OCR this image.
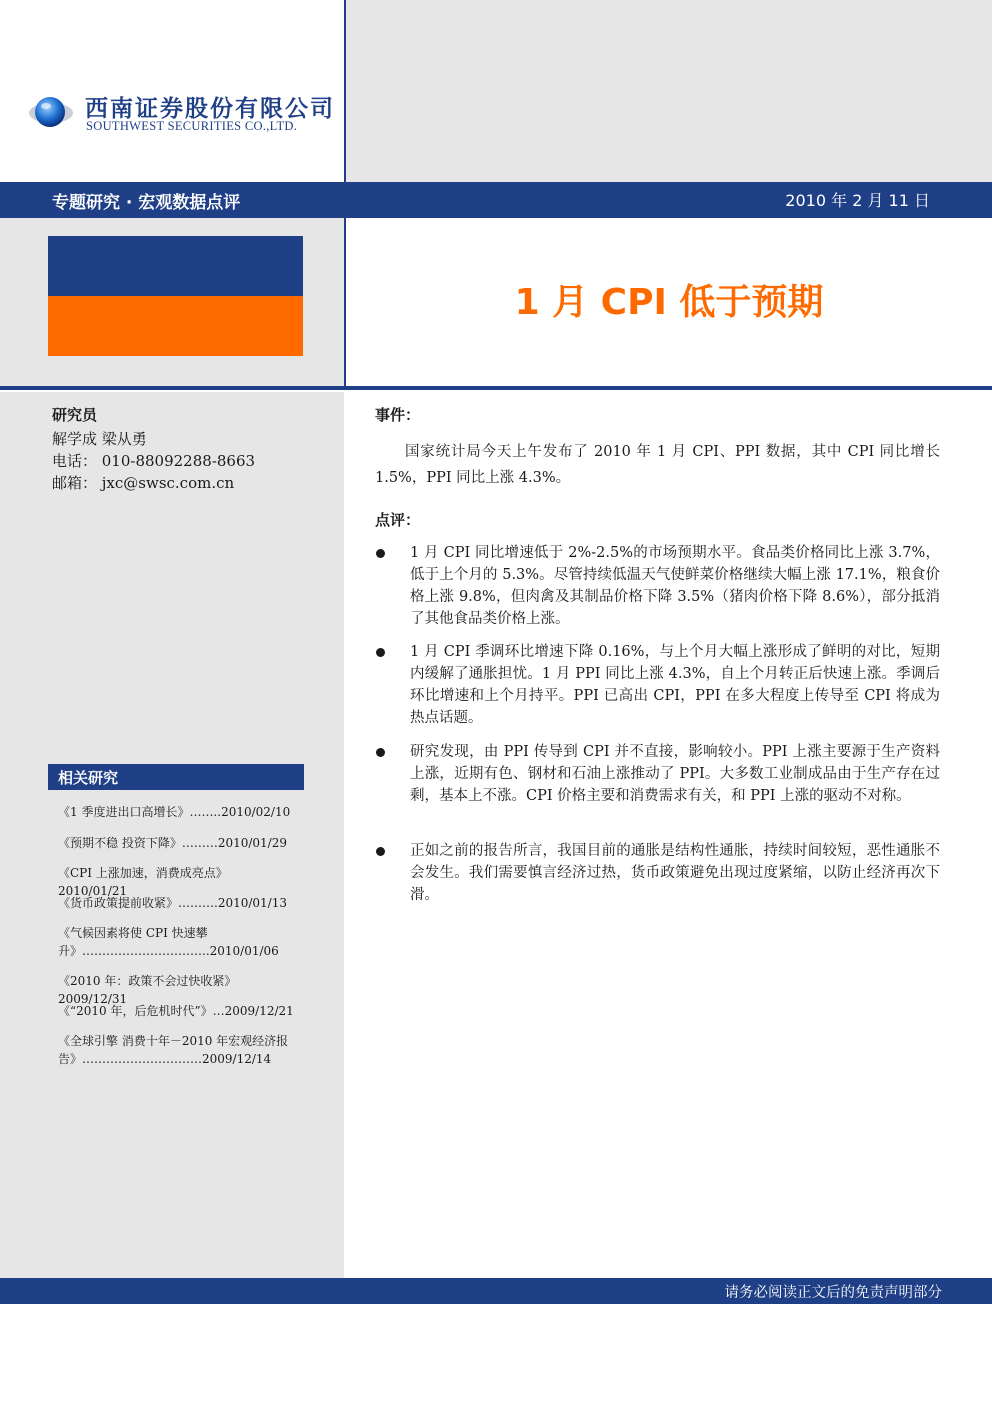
西南证券股份有限公司
SOUTHWEST SECURITIES CO.,LTD.
专题研究 · 宏观数据点评	2010 年 2 月 11 日
1 月 CPI 低于预期
研究员
解学成 梁从勇
电话： 010-88092288-8663
邮箱： jxc@swsc.com.cn
相关研究
《1 季度进出口高增长》……..2010/02/10
《预期不稳 投资下降》………2010/01/29
《CPI 上涨加速，消费成亮点》2010/01/21
《货币政策提前收紧》……….2010/01/13
《气候因素将使 CPI 快速攀升》…………………………..2010/01/06
《2010 年：政策不会过快收紧》2009/12/31
《“2010 年，后危机时代”》…2009/12/21
《全球引擎 消费十年－2010 年宏观经济报告》…………………………2009/12/14
事件：
国家统计局今天上午发布了 2010 年 1 月 CPI、PPI 数据，其中 CPI 同比增长 1.5%，PPI 同比上涨 4.3%。
点评：
1 月 CPI 同比增速低于 2%-2.5%的市场预期水平。食品类价格同比上涨 3.7%，低于上个月的 5.3%。尽管持续低温天气使鲜菜价格继续大幅上涨 17.1%，粮食价格上涨 9.8%，但肉禽及其制品价格下降 3.5%（猪肉价格下降 8.6%），部分抵消了其他食品类价格上涨。
1 月 CPI 季调环比增速下降 0.16%，与上个月大幅上涨形成了鲜明的对比，短期内缓解了通胀担忧。1 月 PPI 同比上涨 4.3%，自上个月转正后快速上涨。季调后环比增速和上个月持平。PPI 已高出 CPI，PPI 在多大程度上传导至 CPI 将成为热点话题。
研究发现，由 PPI 传导到 CPI 并不直接，影响较小。PPI 上涨主要源于生产资料上涨，近期有色、钢材和石油上涨推动了 PPI。大多数工业制成品由于生产存在过剩，基本上不涨。CPI 价格主要和消费需求有关，和 PPI 上涨的驱动不对称。
正如之前的报告所言，我国目前的通胀是结构性通胀，持续时间较短，恶性通胀不会发生。我们需要慎言经济过热，货币政策避免出现过度紧缩，以防止经济再次下滑。
请务必阅读正文后的免责声明部分
